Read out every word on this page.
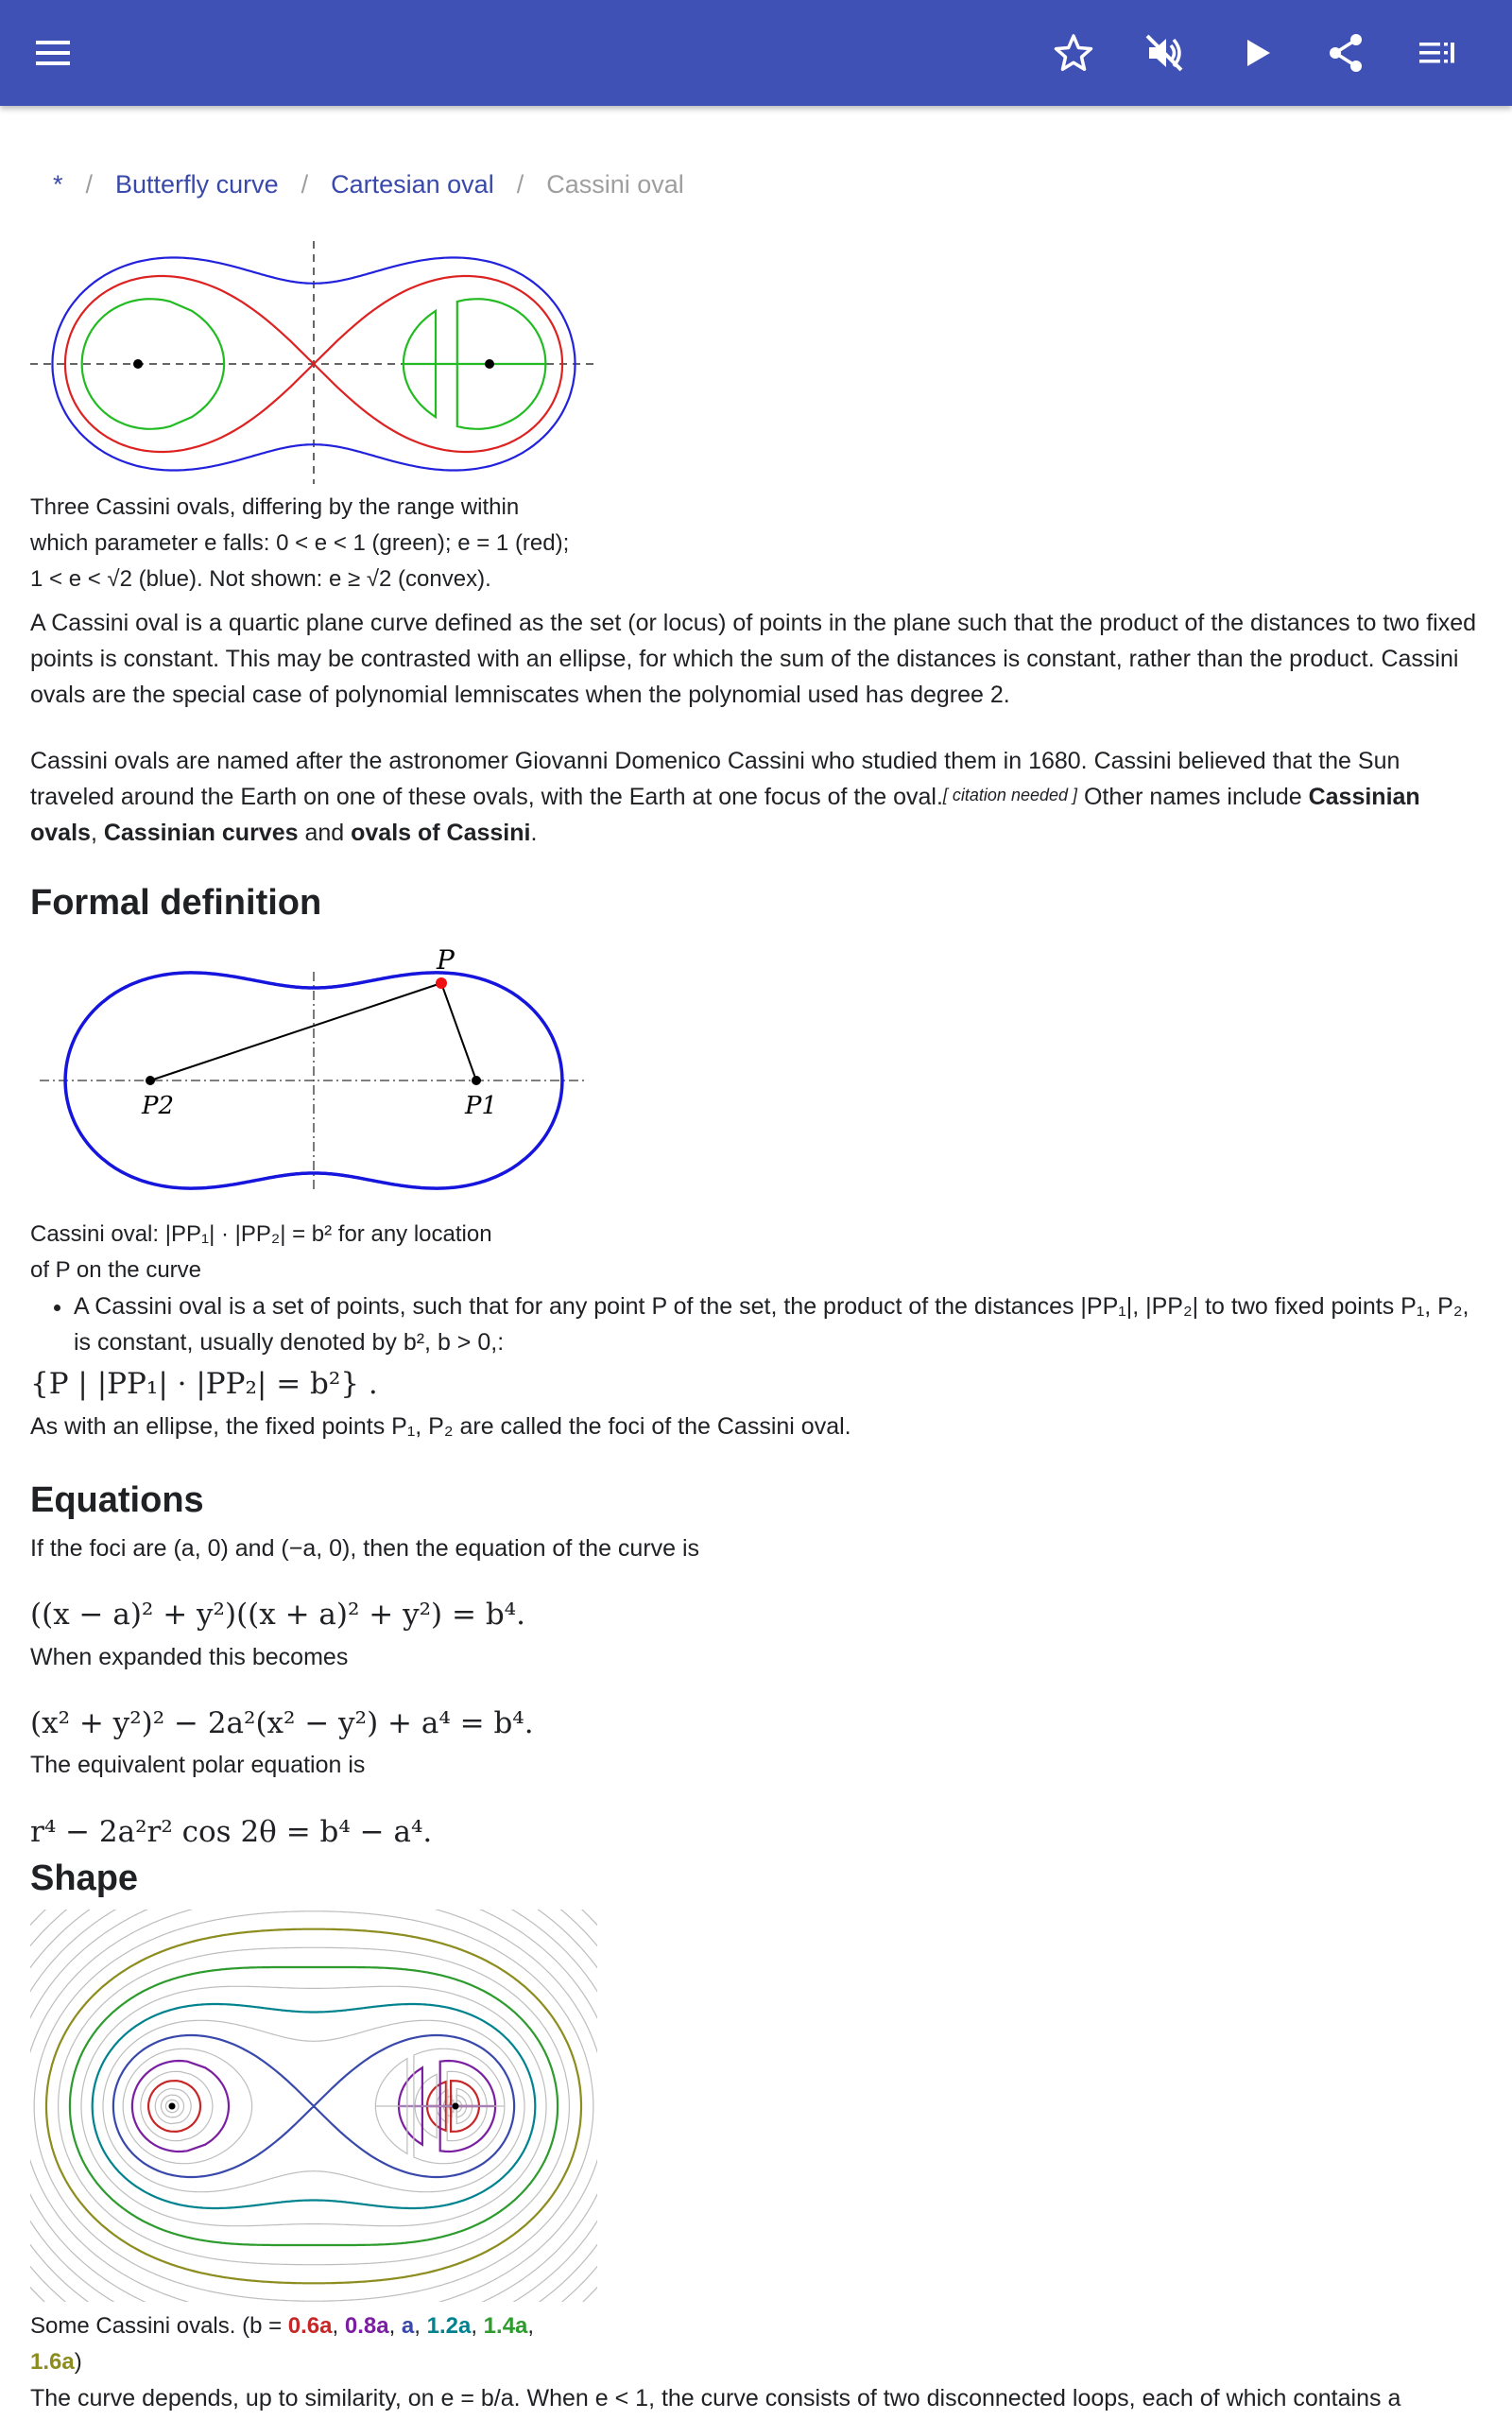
* / Butterfly curve / Cartesian oval / Cassini oval
Three Cassini ovals, differing by the range within
which parameter e falls: 0 < e < 1 (green); e = 1 (red);
1 < e < √2 (blue). Not shown: e ≥ √2 (convex).
A Cassini oval is a quartic plane curve defined as the set (or locus) of points in the plane such that the product of the distances to two fixed points is constant. This may be contrasted with an ellipse, for which the sum of the distances is constant, rather than the product. Cassini ovals are the special case of polynomial lemniscates when the polynomial used has degree 2.
Cassini ovals are named after the astronomer Giovanni Domenico Cassini who studied them in 1680. Cassini believed that the Sun traveled around the Earth on one of these ovals, with the Earth at one focus of the oval.[ citation needed ] Other names include Cassinian ovals, Cassinian curves and ovals of Cassini.
Formal definition
P
P2	P1
Cassini oval: |PP₁| · |PP₂| = b² for any location
of P on the curve
• A Cassini oval is a set of points, such that for any point P of the set, the product of the distances |PP₁|, |PP₂| to two fixed points P₁, P₂, is constant, usually denoted by b², b > 0,:
{P | |PP₁| · |PP₂| = b²} .
As with an ellipse, the fixed points P₁, P₂ are called the foci of the Cassini oval.
Equations
If the foci are (a, 0) and (−a, 0), then the equation of the curve is
((x − a)² + y²)((x + a)² + y²) = b⁴.
When expanded this becomes
(x² + y²)² − 2a²(x² − y²) + a⁴ = b⁴.
The equivalent polar equation is
r⁴ − 2a²r² cos 2θ = b⁴ − a⁴.
Shape
Some Cassini ovals. (b = 0.6a, 0.8a, a, 1.2a, 1.4a,
1.6a)
The curve depends, up to similarity, on e = b/a. When e < 1, the curve consists of two disconnected loops, each of which contains a
